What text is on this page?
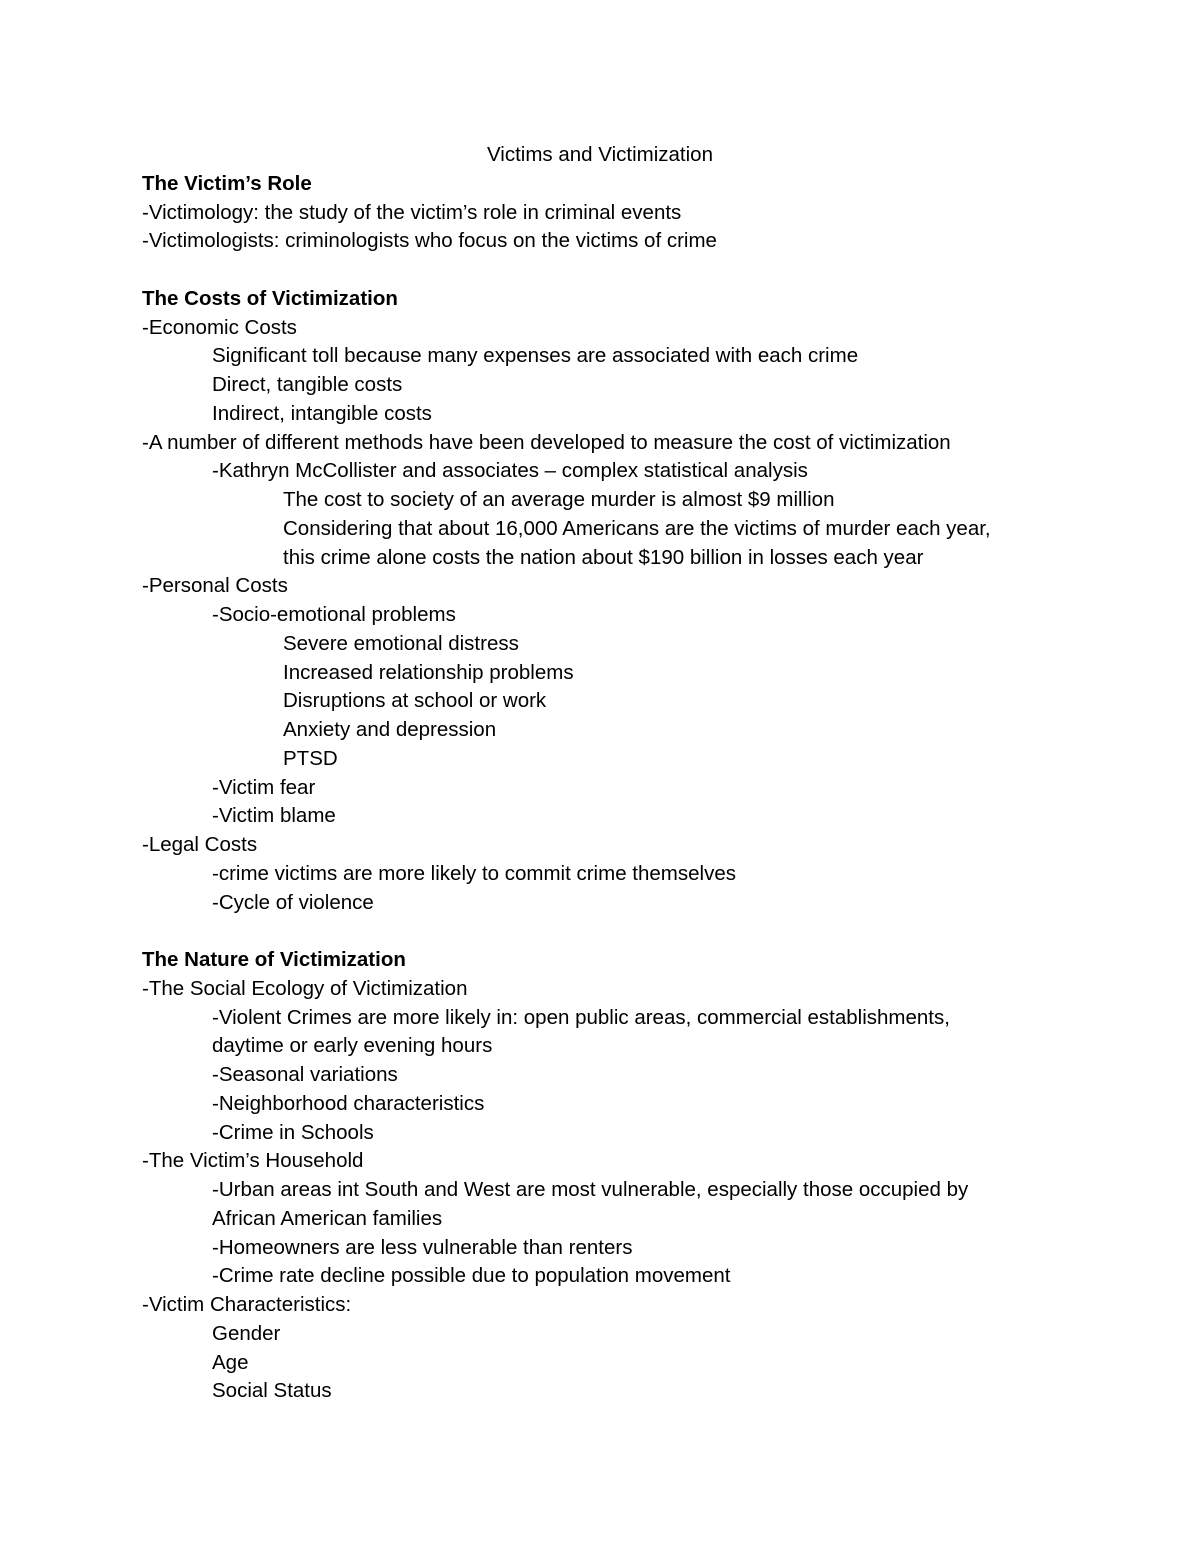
Victims and Victimization
The Victim’s Role
-Victimology: the study of the victim’s role in criminal events
-Victimologists: criminologists who focus on the victims of crime
The Costs of Victimization
-Economic Costs
Significant toll because many expenses are associated with each crime
Direct, tangible costs
Indirect, intangible costs
-A number of different methods have been developed to measure the cost of victimization
-Kathryn McCollister and associates – complex statistical analysis
The cost to society of an average murder is almost $9 million
Considering that about 16,000 Americans are the victims of murder each year,
this crime alone costs the nation about $190 billion in losses each year
-Personal Costs
-Socio-emotional problems
Severe emotional distress
Increased relationship problems
Disruptions at school or work
Anxiety and depression
PTSD
-Victim fear
-Victim blame
-Legal Costs
-crime victims are more likely to commit crime themselves
-Cycle of violence
The Nature of Victimization
-The Social Ecology of Victimization
-Violent Crimes are more likely in: open public areas, commercial establishments,
daytime or early evening hours
-Seasonal variations
-Neighborhood characteristics
-Crime in Schools
-The Victim’s Household
-Urban areas int South and West are most vulnerable, especially those occupied by
African American families
-Homeowners are less vulnerable than renters
-Crime rate decline possible due to population movement
-Victim Characteristics:
Gender
Age
Social Status
